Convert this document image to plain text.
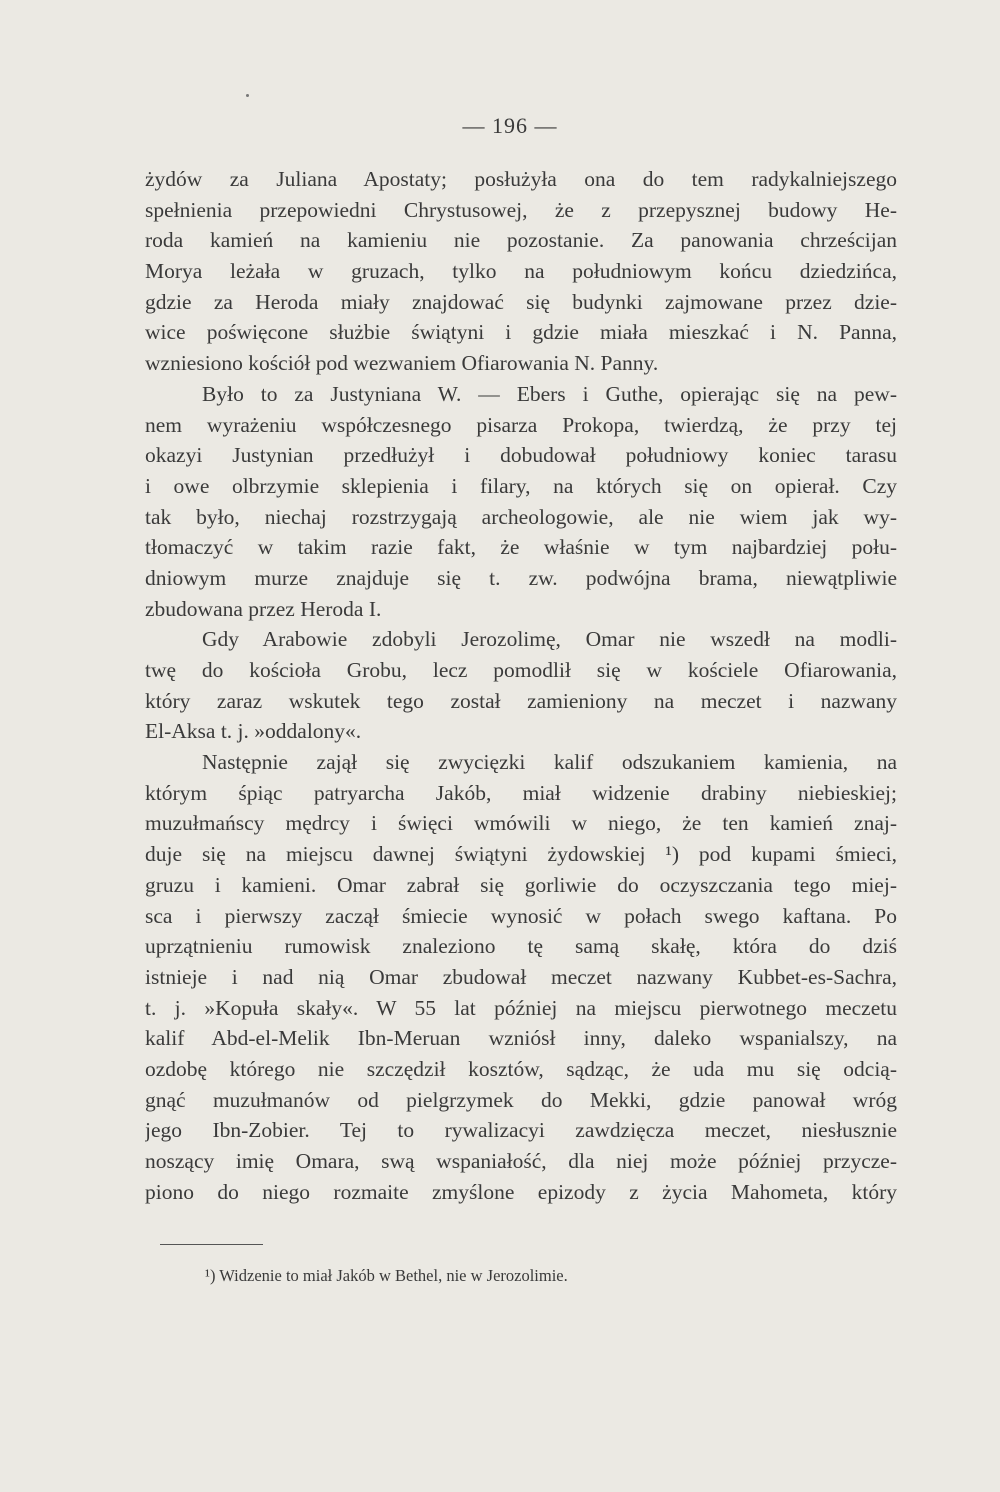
— 196 —
żydów za Juliana Apostaty; posłużyła ona do tem radykalniejszego
spełnienia przepowiedni Chrystusowej, że z przepysznej budowy He-
roda kamień na kamieniu nie pozostanie. Za panowania chrześcijan
Morya leżała w gruzach, tylko na południowym końcu dziedzińca,
gdzie za Heroda miały znajdować się budynki zajmowane przez dzie-
wice poświęcone służbie świątyni i gdzie miała mieszkać i N. Panna,
wzniesiono kościół pod wezwaniem Ofiarowania N. Panny.
Było to za Justyniana W. — Ebers i Guthe, opierając się na pew-
nem wyrażeniu współczesnego pisarza Prokopa, twierdzą, że przy tej
okazyi Justynian przedłużył i dobudował południowy koniec tarasu
i owe olbrzymie sklepienia i filary, na których się on opierał. Czy
tak było, niechaj rozstrzygają archeologowie, ale nie wiem jak wy-
tłomaczyć w takim razie fakt, że właśnie w tym najbardziej połu-
dniowym murze znajduje się t. zw. podwójna brama, niewątpliwie
zbudowana przez Heroda I.
Gdy Arabowie zdobyli Jerozolimę, Omar nie wszedł na modli-
twę do kościoła Grobu, lecz pomodlił się w kościele Ofiarowania,
który zaraz wskutek tego został zamieniony na meczet i nazwany
El-Aksa t. j. »oddalony«.
Następnie zajął się zwycięzki kalif odszukaniem kamienia, na
którym śpiąc patryarcha Jakób, miał widzenie drabiny niebieskiej;
muzułmańscy mędrcy i święci wmówili w niego, że ten kamień znaj-
duje się na miejscu dawnej świątyni żydowskiej ¹) pod kupami śmieci,
gruzu i kamieni. Omar zabrał się gorliwie do oczyszczania tego miej-
sca i pierwszy zaczął śmiecie wynosić w połach swego kaftana. Po
uprzątnieniu rumowisk znaleziono tę samą skałę, która do dziś
istnieje i nad nią Omar zbudował meczet nazwany Kubbet-es-Sachra,
t. j. »Kopuła skały«. W 55 lat później na miejscu pierwotnego meczetu
kalif Abd-el-Melik Ibn-Meruan wzniósł inny, daleko wspanialszy, na
ozdobę którego nie szczędził kosztów, sądząc, że uda mu się odcią-
gnąć muzułmanów od pielgrzymek do Mekki, gdzie panował wróg
jego Ibn-Zobier. Tej to rywalizacyi zawdzięcza meczet, niesłusznie
noszący imię Omara, swą wspaniałość, dla niej może później przyczе-
piono do niego rozmaite zmyślone epizody z życia Mahometa, który
¹) Widzenie to miał Jakób w Bethel, nie w Jerozolimie.
